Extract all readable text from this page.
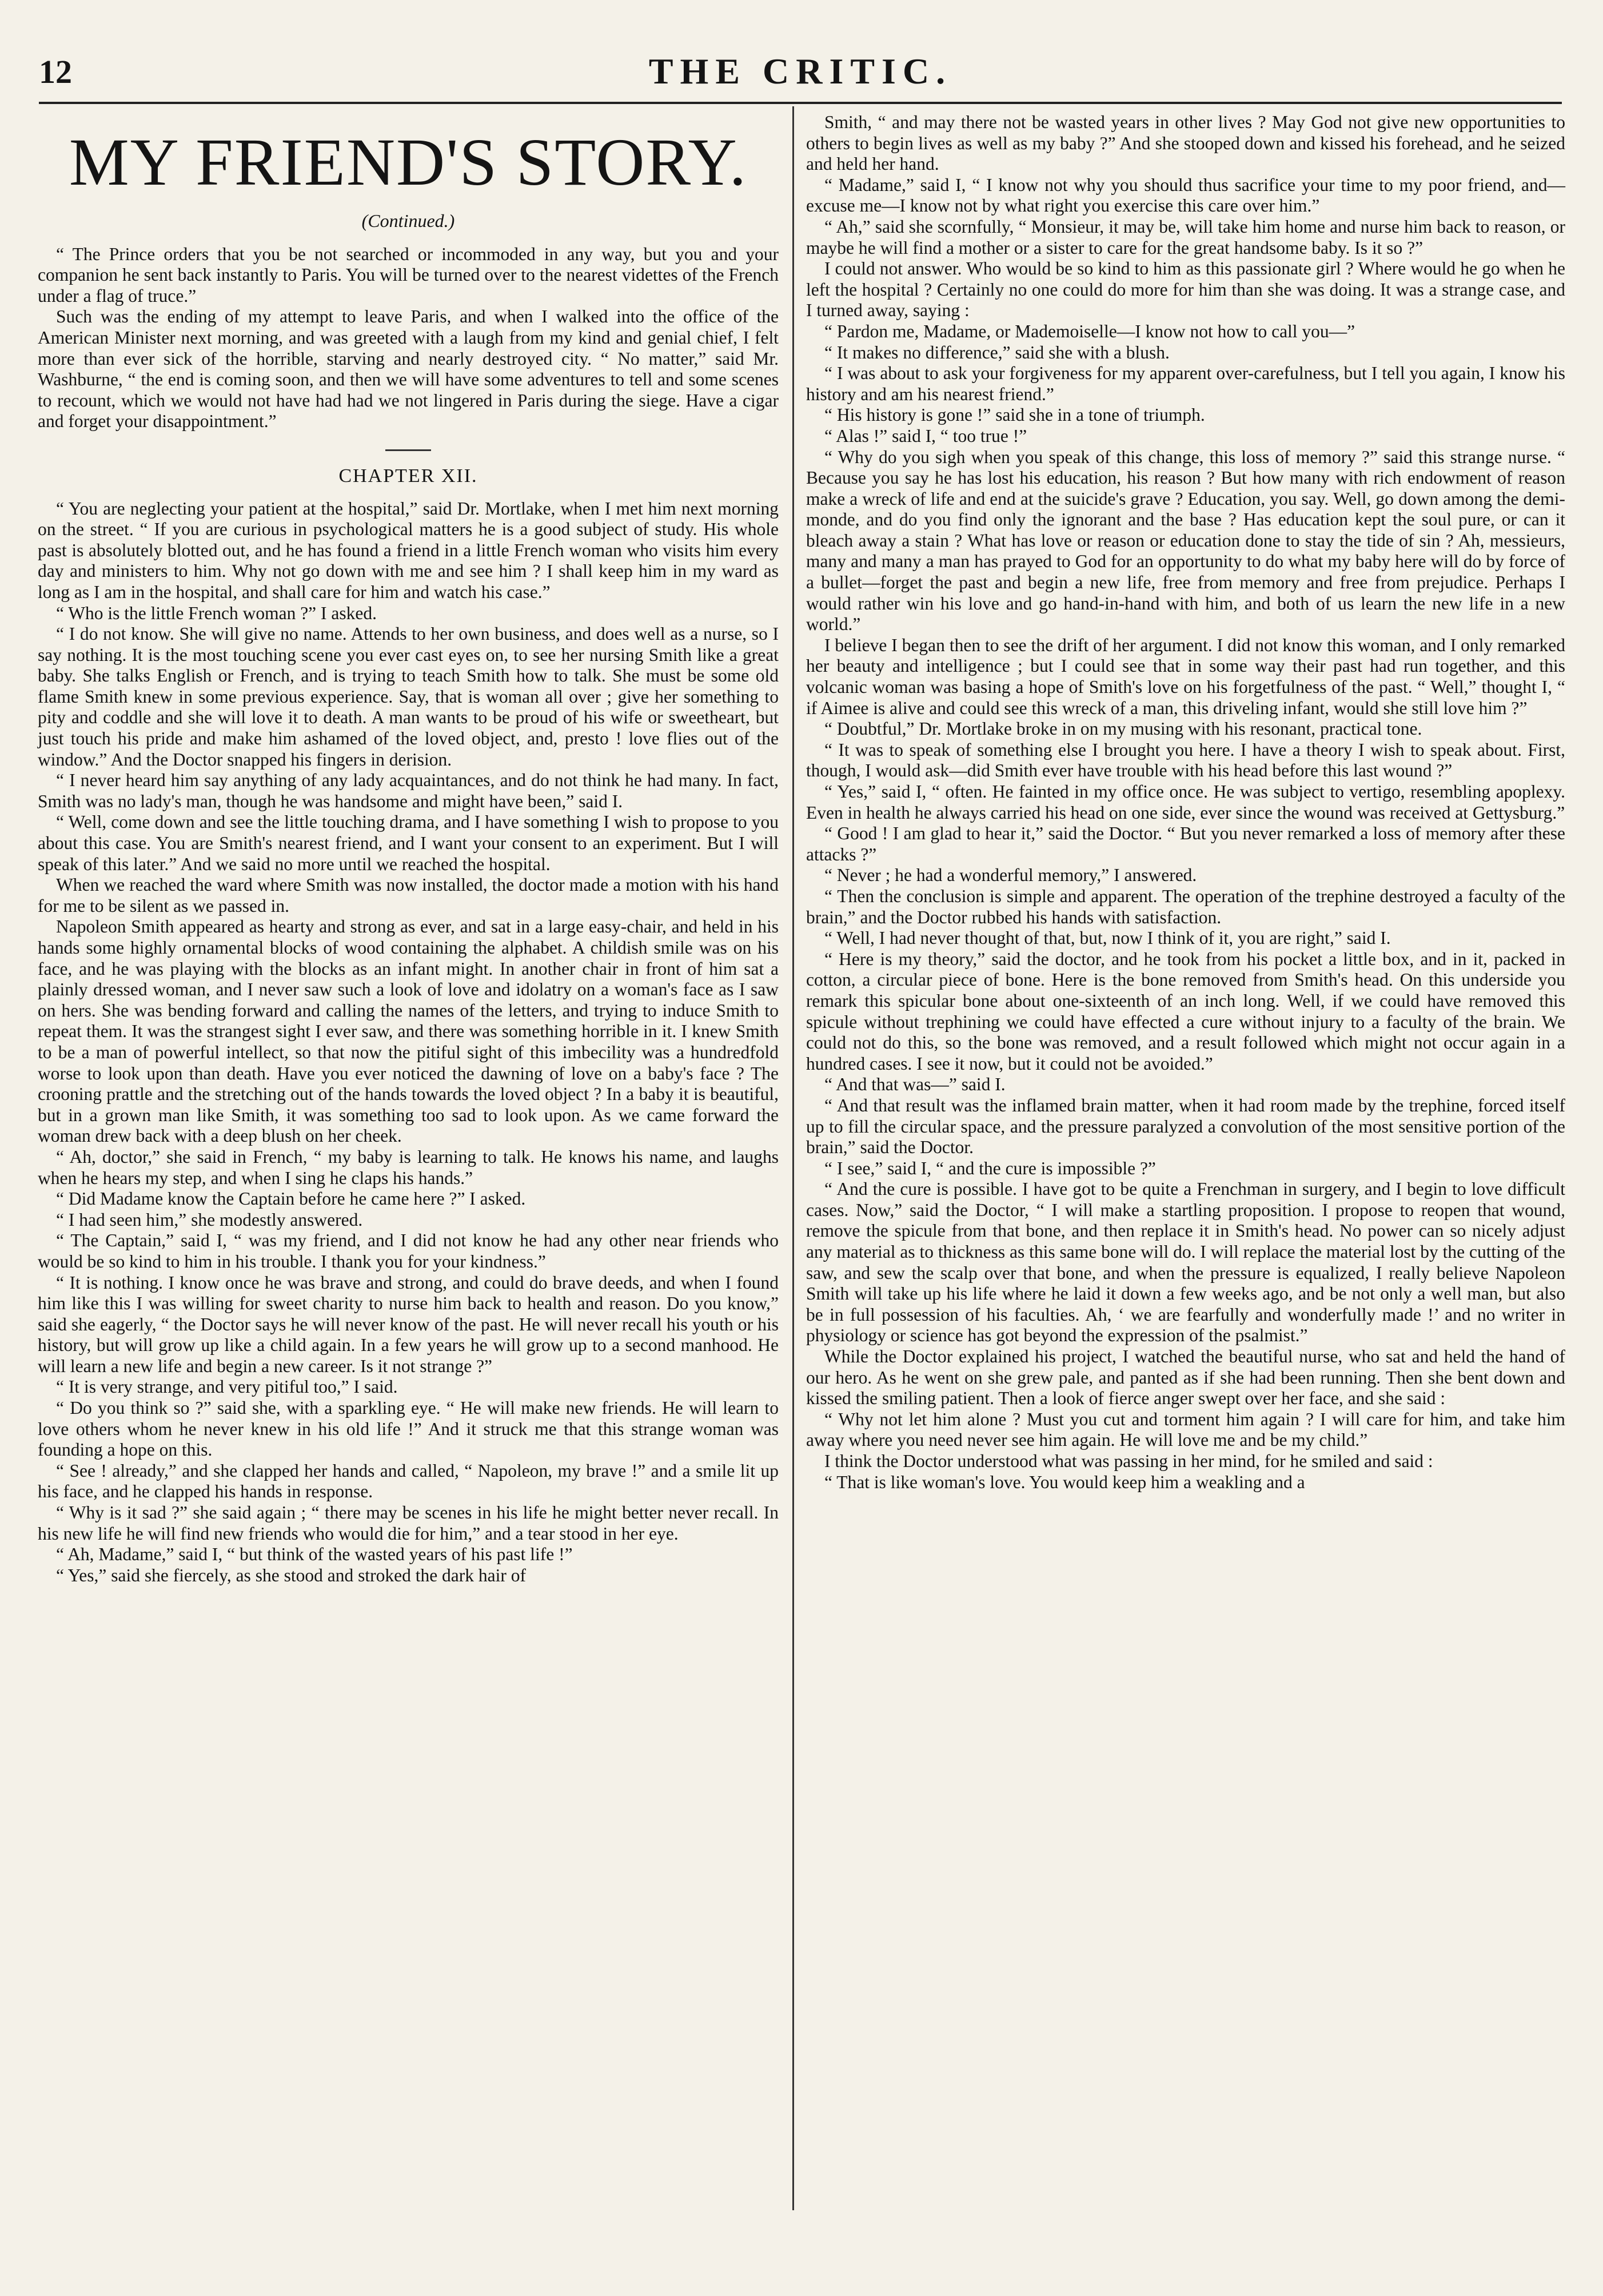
12	THE CRITIC.
MY FRIEND'S STORY.
(Continued.)

“ The Prince orders that you be not searched or incommoded in any way, but you and your companion he sent back instantly to Paris. You will be turned over to the nearest videttes of the French under a flag of truce.”

Such was the ending of my attempt to leave Paris, and when I walked into the office of the American Minister next morning, and was greeted with a laugh from my kind and genial chief, I felt more than ever sick of the horrible, starving and nearly destroyed city. “ No matter,” said Mr. Washburne, “ the end is coming soon, and then we will have some adventures to tell and some scenes to recount, which we would not have had had we not lingered in Paris during the siege. Have a cigar and forget your disappointment.”

CHAPTER XII.

“ You are neglecting your patient at the hospital,” said Dr. Mortlake, when I met him next morning on the street. “ If you are curious in psychological matters he is a good subject of study. His whole past is absolutely blotted out, and he has found a friend in a little French woman who visits him every day and ministers to him. Why not go down with me and see him ? I shall keep him in my ward as long as I am in the hospital, and shall care for him and watch his case.”

“ Who is the little French woman ?” I asked.

“ I do not know. She will give no name. Attends to her own business, and does well as a nurse, so I say nothing. It is the most touching scene you ever cast eyes on, to see her nursing Smith like a great baby. She talks English or French, and is trying to teach Smith how to talk. She must be some old flame Smith knew in some previous experience. Say, that is woman all over ; give her something to pity and coddle and she will love it to death. A man wants to be proud of his wife or sweetheart, but just touch his pride and make him ashamed of the loved object, and, presto ! love flies out of the window.” And the Doctor snapped his fingers in derision.

“ I never heard him say anything of any lady acquaintances, and do not think he had many. In fact, Smith was no lady's man, though he was handsome and might have been,” said I.

“ Well, come down and see the little touching drama, and I have something I wish to propose to you about this case. You are Smith's nearest friend, and I want your consent to an experiment. But I will speak of this later.” And we said no more until we reached the hospital.

When we reached the ward where Smith was now installed, the doctor made a motion with his hand for me to be silent as we passed in.

Napoleon Smith appeared as hearty and strong as ever, and sat in a large easy-chair, and held in his hands some highly ornamental blocks of wood containing the alphabet. A childish smile was on his face, and he was playing with the blocks as an infant might. In another chair in front of him sat a plainly dressed woman, and I never saw such a look of love and idolatry on a woman's face as I saw on hers. She was bending forward and calling the names of the letters, and trying to induce Smith to repeat them. It was the strangest sight I ever saw, and there was something horrible in it. I knew Smith to be a man of powerful intellect, so that now the pitiful sight of this imbecility was a hundredfold worse to look upon than death. Have you ever noticed the dawning of love on a baby's face ? The crooning prattle and the stretching out of the hands towards the loved object ? In a baby it is beautiful, but in a grown man like Smith, it was something too sad to look upon. As we came forward the woman drew back with a deep blush on her cheek.

“ Ah, doctor,” she said in French, “ my baby is learning to talk. He knows his name, and laughs when he hears my step, and when I sing he claps his hands.”

“ Did Madame know the Captain before he came here ?” I asked.

“ I had seen him,” she modestly answered.

“ The Captain,” said I, “ was my friend, and I did not know he had any other near friends who would be so kind to him in his trouble. I thank you for your kindness.”

“ It is nothing. I know once he was brave and strong, and could do brave deeds, and when I found him like this I was willing for sweet charity to nurse him back to health and reason. Do you know,” said she eagerly, “ the Doctor says he will never know of the past. He will never recall his youth or his history, but will grow up like a child again. In a few years he will grow up to a second manhood. He will learn a new life and begin a new career. Is it not strange ?”

“ It is very strange, and very pitiful too,” I said.

“ Do you think so ?” said she, with a sparkling eye. “ He will make new friends. He will learn to love others whom he never knew in his old life !” And it struck me that this strange woman was founding a hope on this.

“ See ! already,” and she clapped her hands and called, “ Napoleon, my brave !” and a smile lit up his face, and he clapped his hands in response.

“ Why is it sad ?” she said again ; “ there may be scenes in his life he might better never recall. In his new life he will find new friends who would die for him,” and a tear stood in her eye.

“ Ah, Madame,” said I, “ but think of the wasted years of his past life !”

“ Yes,” said she fiercely, as she stood and stroked the dark hair of

Smith, “ and may there not be wasted years in other lives ? May God not give new opportunities to others to begin lives as well as my baby ?” And she stooped down and kissed his forehead, and he seized and held her hand.

“ Madame,” said I, “ I know not why you should thus sacrifice your time to my poor friend, and—excuse me—I know not by what right you exercise this care over him.”

“ Ah,” said she scornfully, “ Monsieur, it may be, will take him home and nurse him back to reason, or maybe he will find a mother or a sister to care for the great handsome baby. Is it so ?”

I could not answer. Who would be so kind to him as this passionate girl ? Where would he go when he left the hospital ? Certainly no one could do more for him than she was doing. It was a strange case, and I turned away, saying :

“ Pardon me, Madame, or Mademoiselle—I know not how to call you—”

“ It makes no difference,” said she with a blush.

“ I was about to ask your forgiveness for my apparent over-carefulness, but I tell you again, I know his history and am his nearest friend.”

“ His history is gone !” said she in a tone of triumph.

“ Alas !” said I, “ too true !”

“ Why do you sigh when you speak of this change, this loss of memory ?” said this strange nurse. “ Because you say he has lost his education, his reason ? But how many with rich endowment of reason make a wreck of life and end at the suicide's grave ? Education, you say. Well, go down among the demi-monde, and do you find only the ignorant and the base ? Has education kept the soul pure, or can it bleach away a stain ? What has love or reason or education done to stay the tide of sin ? Ah, messieurs, many and many a man has prayed to God for an opportunity to do what my baby here will do by force of a bullet—forget the past and begin a new life, free from memory and free from prejudice. Perhaps I would rather win his love and go hand-in-hand with him, and both of us learn the new life in a new world.”

I believe I began then to see the drift of her argument. I did not know this woman, and I only remarked her beauty and intelligence ; but I could see that in some way their past had run together, and this volcanic woman was basing a hope of Smith's love on his forgetfulness of the past. “ Well,” thought I, “ if Aimee is alive and could see this wreck of a man, this driveling infant, would she still love him ?”

“ Doubtful,” Dr. Mortlake broke in on my musing with his resonant, practical tone.

“ It was to speak of something else I brought you here. I have a theory I wish to speak about. First, though, I would ask—did Smith ever have trouble with his head before this last wound ?”

“ Yes,” said I, “ often. He fainted in my office once. He was subject to vertigo, resembling apoplexy. Even in health he always carried his head on one side, ever since the wound was received at Gettysburg.”

“ Good ! I am glad to hear it,” said the Doctor. “ But you never remarked a loss of memory after these attacks ?”

“ Never ; he had a wonderful memory,” I answered.

“ Then the conclusion is simple and apparent. The operation of the trephine destroyed a faculty of the brain,” and the Doctor rubbed his hands with satisfaction.

“ Well, I had never thought of that, but, now I think of it, you are right,” said I.

“ Here is my theory,” said the doctor, and he took from his pocket a little box, and in it, packed in cotton, a circular piece of bone. Here is the bone removed from Smith's head. On this underside you remark this spicular bone about one-sixteenth of an inch long. Well, if we could have removed this spicule without trephining we could have effected a cure without injury to a faculty of the brain. We could not do this, so the bone was removed, and a result followed which might not occur again in a hundred cases. I see it now, but it could not be avoided.”

“ And that was—” said I.

“ And that result was the inflamed brain matter, when it had room made by the trephine, forced itself up to fill the circular space, and the pressure paralyzed a convolution of the most sensitive portion of the brain,” said the Doctor.

“ I see,” said I, “ and the cure is impossible ?”

“ And the cure is possible. I have got to be quite a Frenchman in surgery, and I begin to love difficult cases. Now,” said the Doctor, “ I will make a startling proposition. I propose to reopen that wound, remove the spicule from that bone, and then replace it in Smith's head. No power can so nicely adjust any material as to thickness as this same bone will do. I will replace the material lost by the cutting of the saw, and sew the scalp over that bone, and when the pressure is equalized, I really believe Napoleon Smith will take up his life where he laid it down a few weeks ago, and be not only a well man, but also be in full possession of his faculties. Ah, ‘ we are fearfully and wonderfully made !’ and no writer in physiology or science has got beyond the expression of the psalmist.”

While the Doctor explained his project, I watched the beautiful nurse, who sat and held the hand of our hero. As he went on she grew pale, and panted as if she had been running. Then she bent down and kissed the smiling patient. Then a look of fierce anger swept over her face, and she said :

“ Why not let him alone ? Must you cut and torment him again ? I will care for him, and take him away where you need never see him again. He will love me and be my child.”

I think the Doctor understood what was passing in her mind, for he smiled and said :

“ That is like woman's love. You would keep him a weakling and a
